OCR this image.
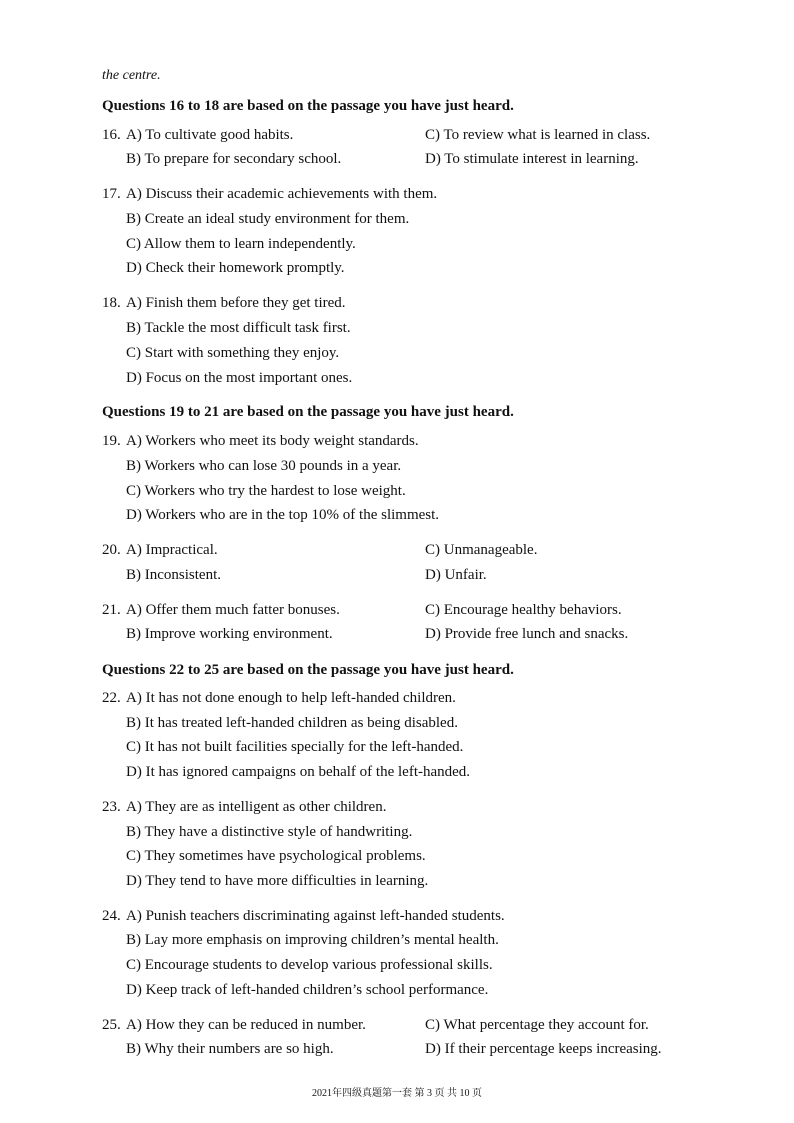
the centre.
Questions 16 to 18 are based on the passage you have just heard.
16. A) To cultivate good habits.	C) To review what is learned in class.
B) To prepare for secondary school.	D) To stimulate interest in learning.
17. A) Discuss their academic achievements with them.
B) Create an ideal study environment for them.
C) Allow them to learn independently.
D) Check their homework promptly.
18. A) Finish them before they get tired.
B) Tackle the most difficult task first.
C) Start with something they enjoy.
D) Focus on the most important ones.
Questions 19 to 21 are based on the passage you have just heard.
19. A) Workers who meet its body weight standards.
B) Workers who can lose 30 pounds in a year.
C) Workers who try the hardest to lose weight.
D) Workers who are in the top 10% of the slimmest.
20. A) Impractical.	C) Unmanageable.
B) Inconsistent.	D) Unfair.
21. A) Offer them much fatter bonuses.	C) Encourage healthy behaviors.
B) Improve working environment.	D) Provide free lunch and snacks.
Questions 22 to 25 are based on the passage you have just heard.
22. A) It has not done enough to help left-handed children.
B) It has treated left-handed children as being disabled.
C) It has not built facilities specially for the left-handed.
D) It has ignored campaigns on behalf of the left-handed.
23. A) They are as intelligent as other children.
B) They have a distinctive style of handwriting.
C) They sometimes have psychological problems.
D) They tend to have more difficulties in learning.
24. A) Punish teachers discriminating against left-handed students.
B) Lay more emphasis on improving children’s mental health.
C) Encourage students to develop various professional skills.
D) Keep track of left-handed children’s school performance.
25. A) How they can be reduced in number.	C) What percentage they account for.
B) Why their numbers are so high.	D) If their percentage keeps increasing.
2021年四级真题第一套 第 3 页 共 10 页
